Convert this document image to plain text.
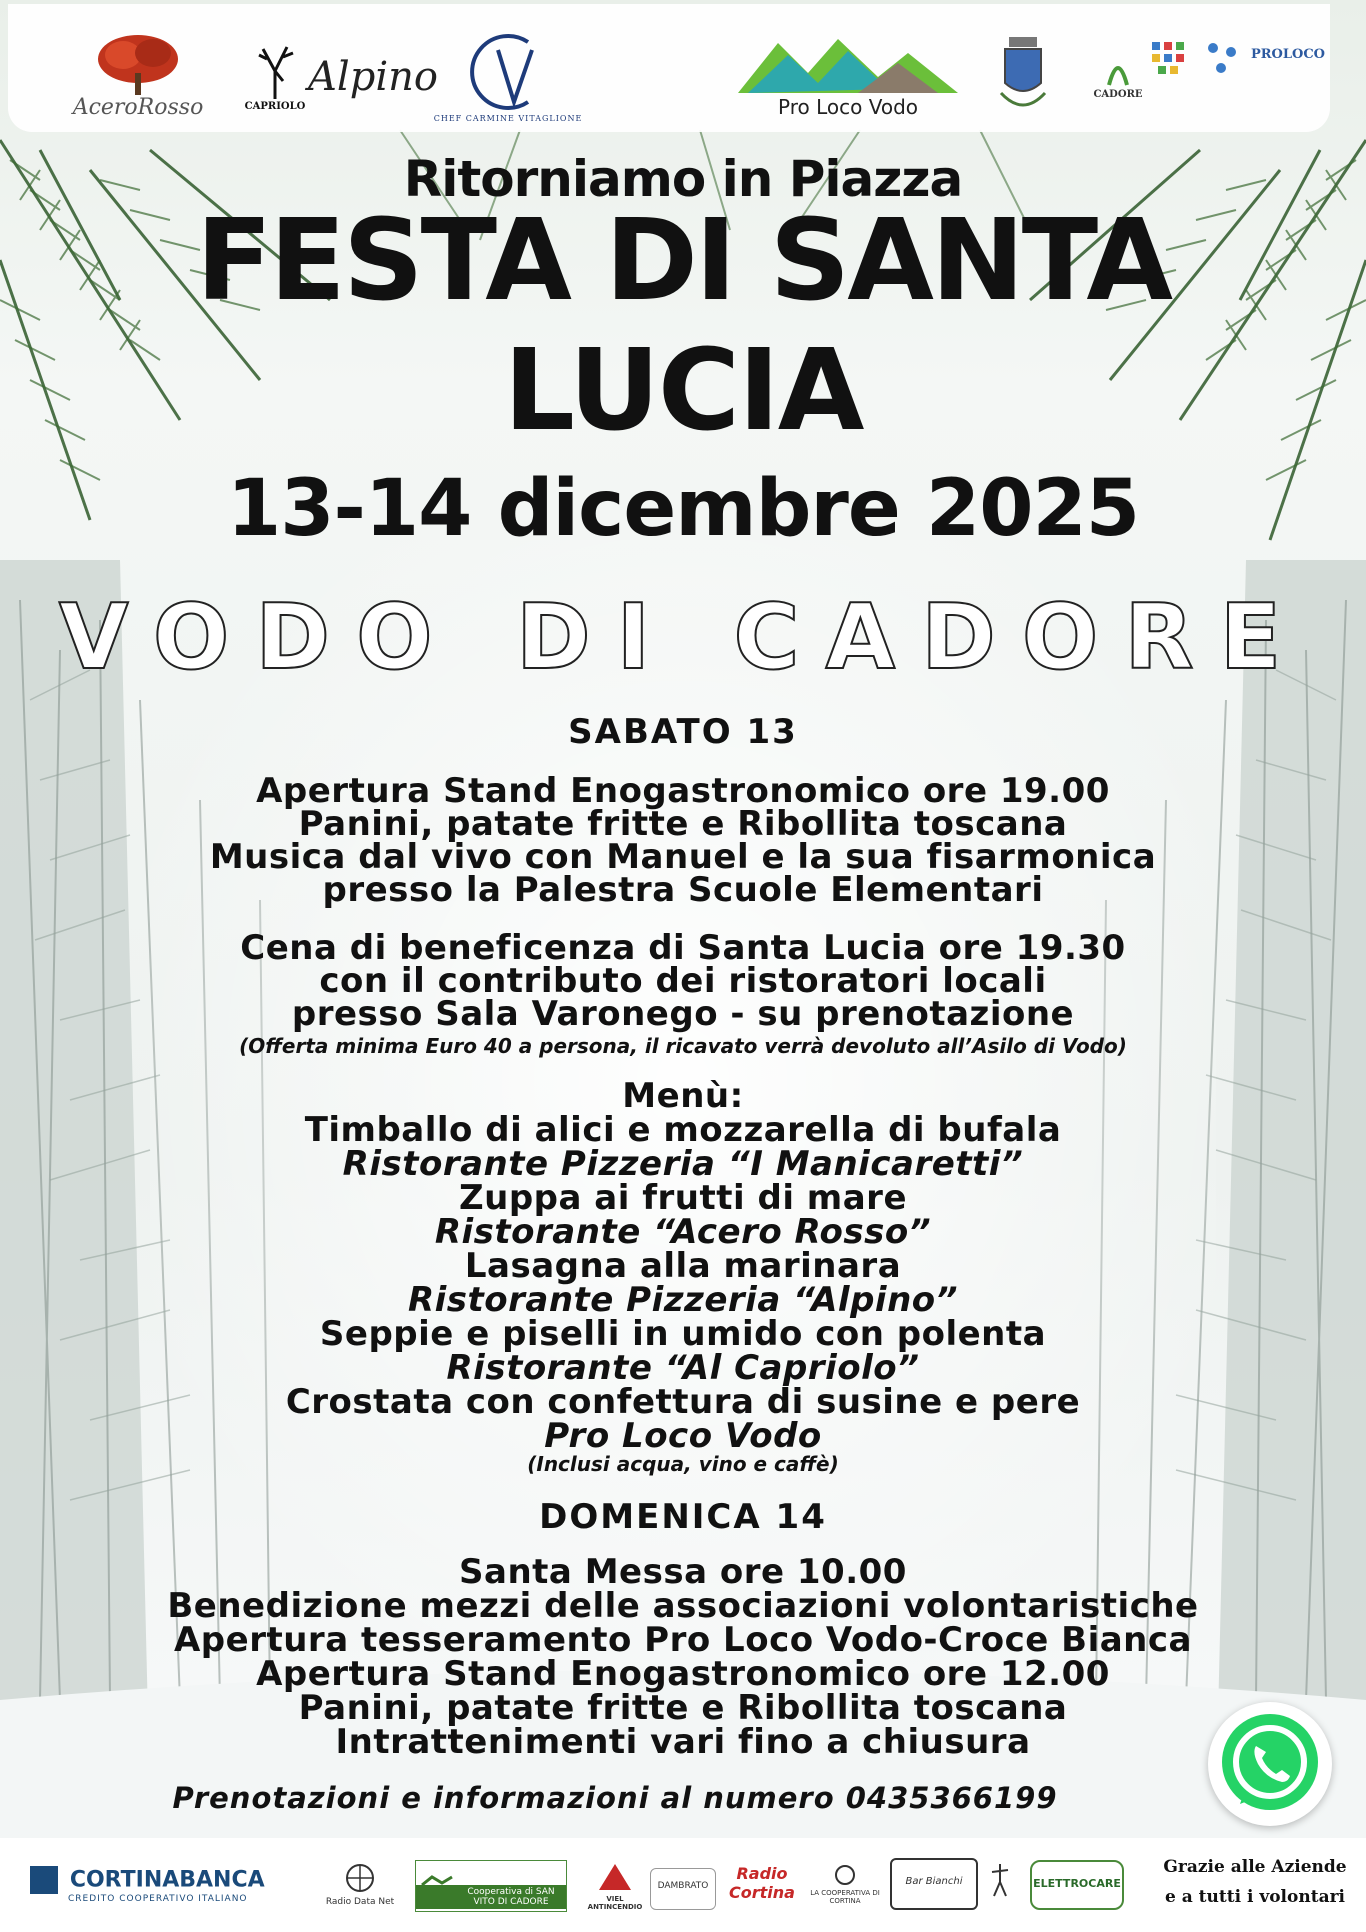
AceroRosso	CAPRIOLO
Alpino
CHEF CARMINE VITAGLIONE	Pro Loco Vodo
CADORE
PROLOCO
Ritorniamo in Piazza
FESTA DI SANTA
LUCIA
13-14 dicembre 2025
VODO DI CADORE
SABATO 13
Apertura Stand Enogastronomico ore 19.00
Panini, patate fritte e Ribollita toscana
Musica dal vivo con Manuel e la sua fisarmonica
presso la Palestra Scuole Elementari
Cena di beneficenza di Santa Lucia ore 19.30
con il contributo dei ristoratori locali
presso Sala Varonego - su prenotazione
(Offerta minima Euro 40 a persona, il ricavato verrà devoluto all’Asilo di Vodo)
Menù:
Timballo di alici e mozzarella di bufala
Ristorante Pizzeria “I Manicaretti”
Zuppa ai frutti di mare
Ristorante “Acero Rosso”
Lasagna alla marinara
Ristorante Pizzeria “Alpino”
Seppie e piselli in umido con polenta
Ristorante “Al Capriolo”
Crostata con confettura di susine e pere
Pro Loco Vodo
(Inclusi acqua, vino e caffè)
DOMENICA 14
Santa Messa ore 10.00
Benedizione mezzi delle associazioni volontaristiche
Apertura tesseramento Pro Loco Vodo-Croce Bianca
Apertura Stand Enogastronomico ore 12.00
Panini, patate fritte e Ribollita toscana
Intrattenimenti vari fino a chiusura
Prenotazioni e informazioni al numero 0435366199
CORTINABANCA
CREDITO COOPERATIVO ITALIANO	Radio Data Net
Cooperativa di SAN VITO DI CADORE	VIEL ANTINCENDIO
DAMBRATO
Radio Cortina	LA COOPERATIVA DI CORTINA
Bar Bianchi	ELETTROCARE
Grazie alle Aziende
e a tutti i volontari
